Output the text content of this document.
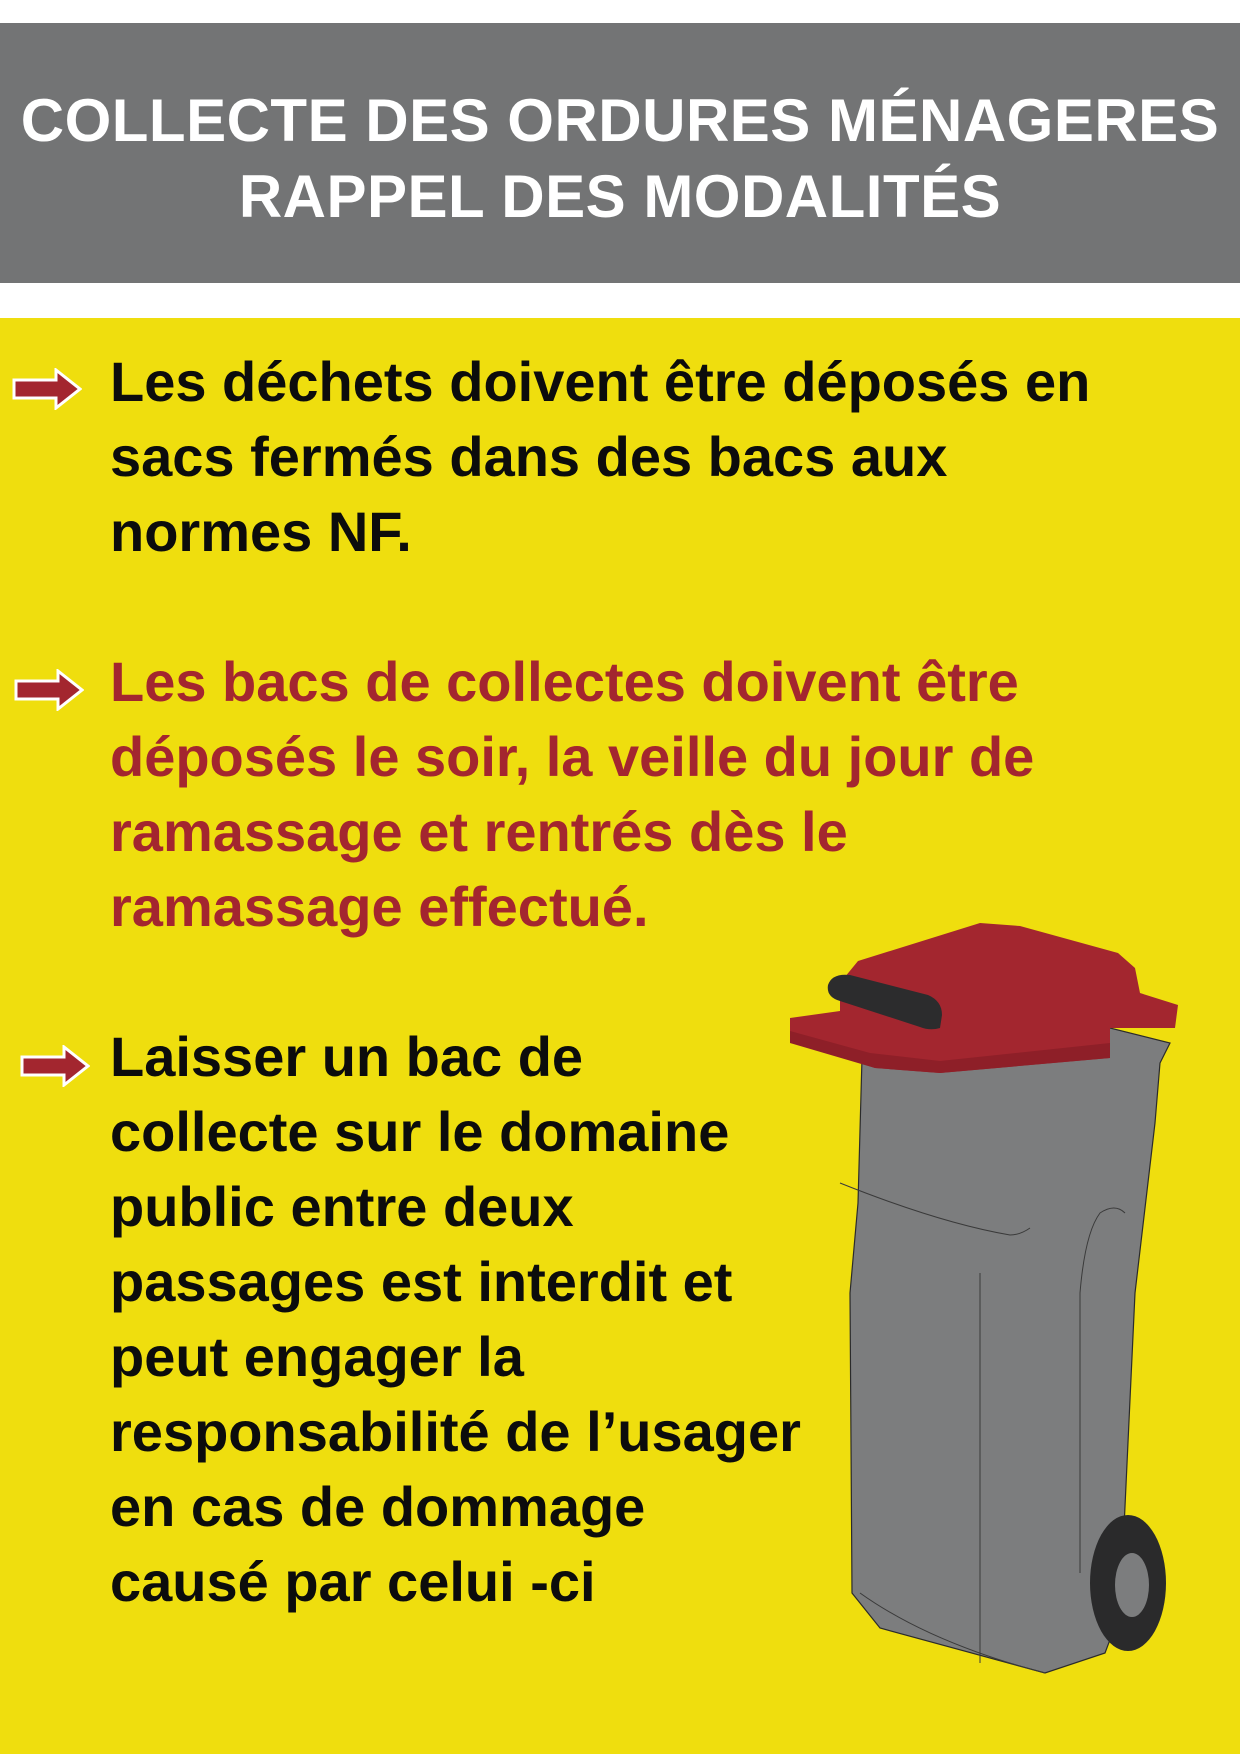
COLLECTE DES ORDURES MÉNAGERES
RAPPEL DES MODALITÉS

Les déchets doivent être déposés en
sacs fermés dans des bacs aux
normes NF.

Les bacs de collectes doivent être
déposés le soir, la veille du jour de
ramassage et rentrés dès le
ramassage effectué.

Laisser un bac de
collecte sur le domaine
public entre deux
passages est interdit et
peut engager la
responsabilité de l’usager
en cas de dommage
causé par celui -ci
